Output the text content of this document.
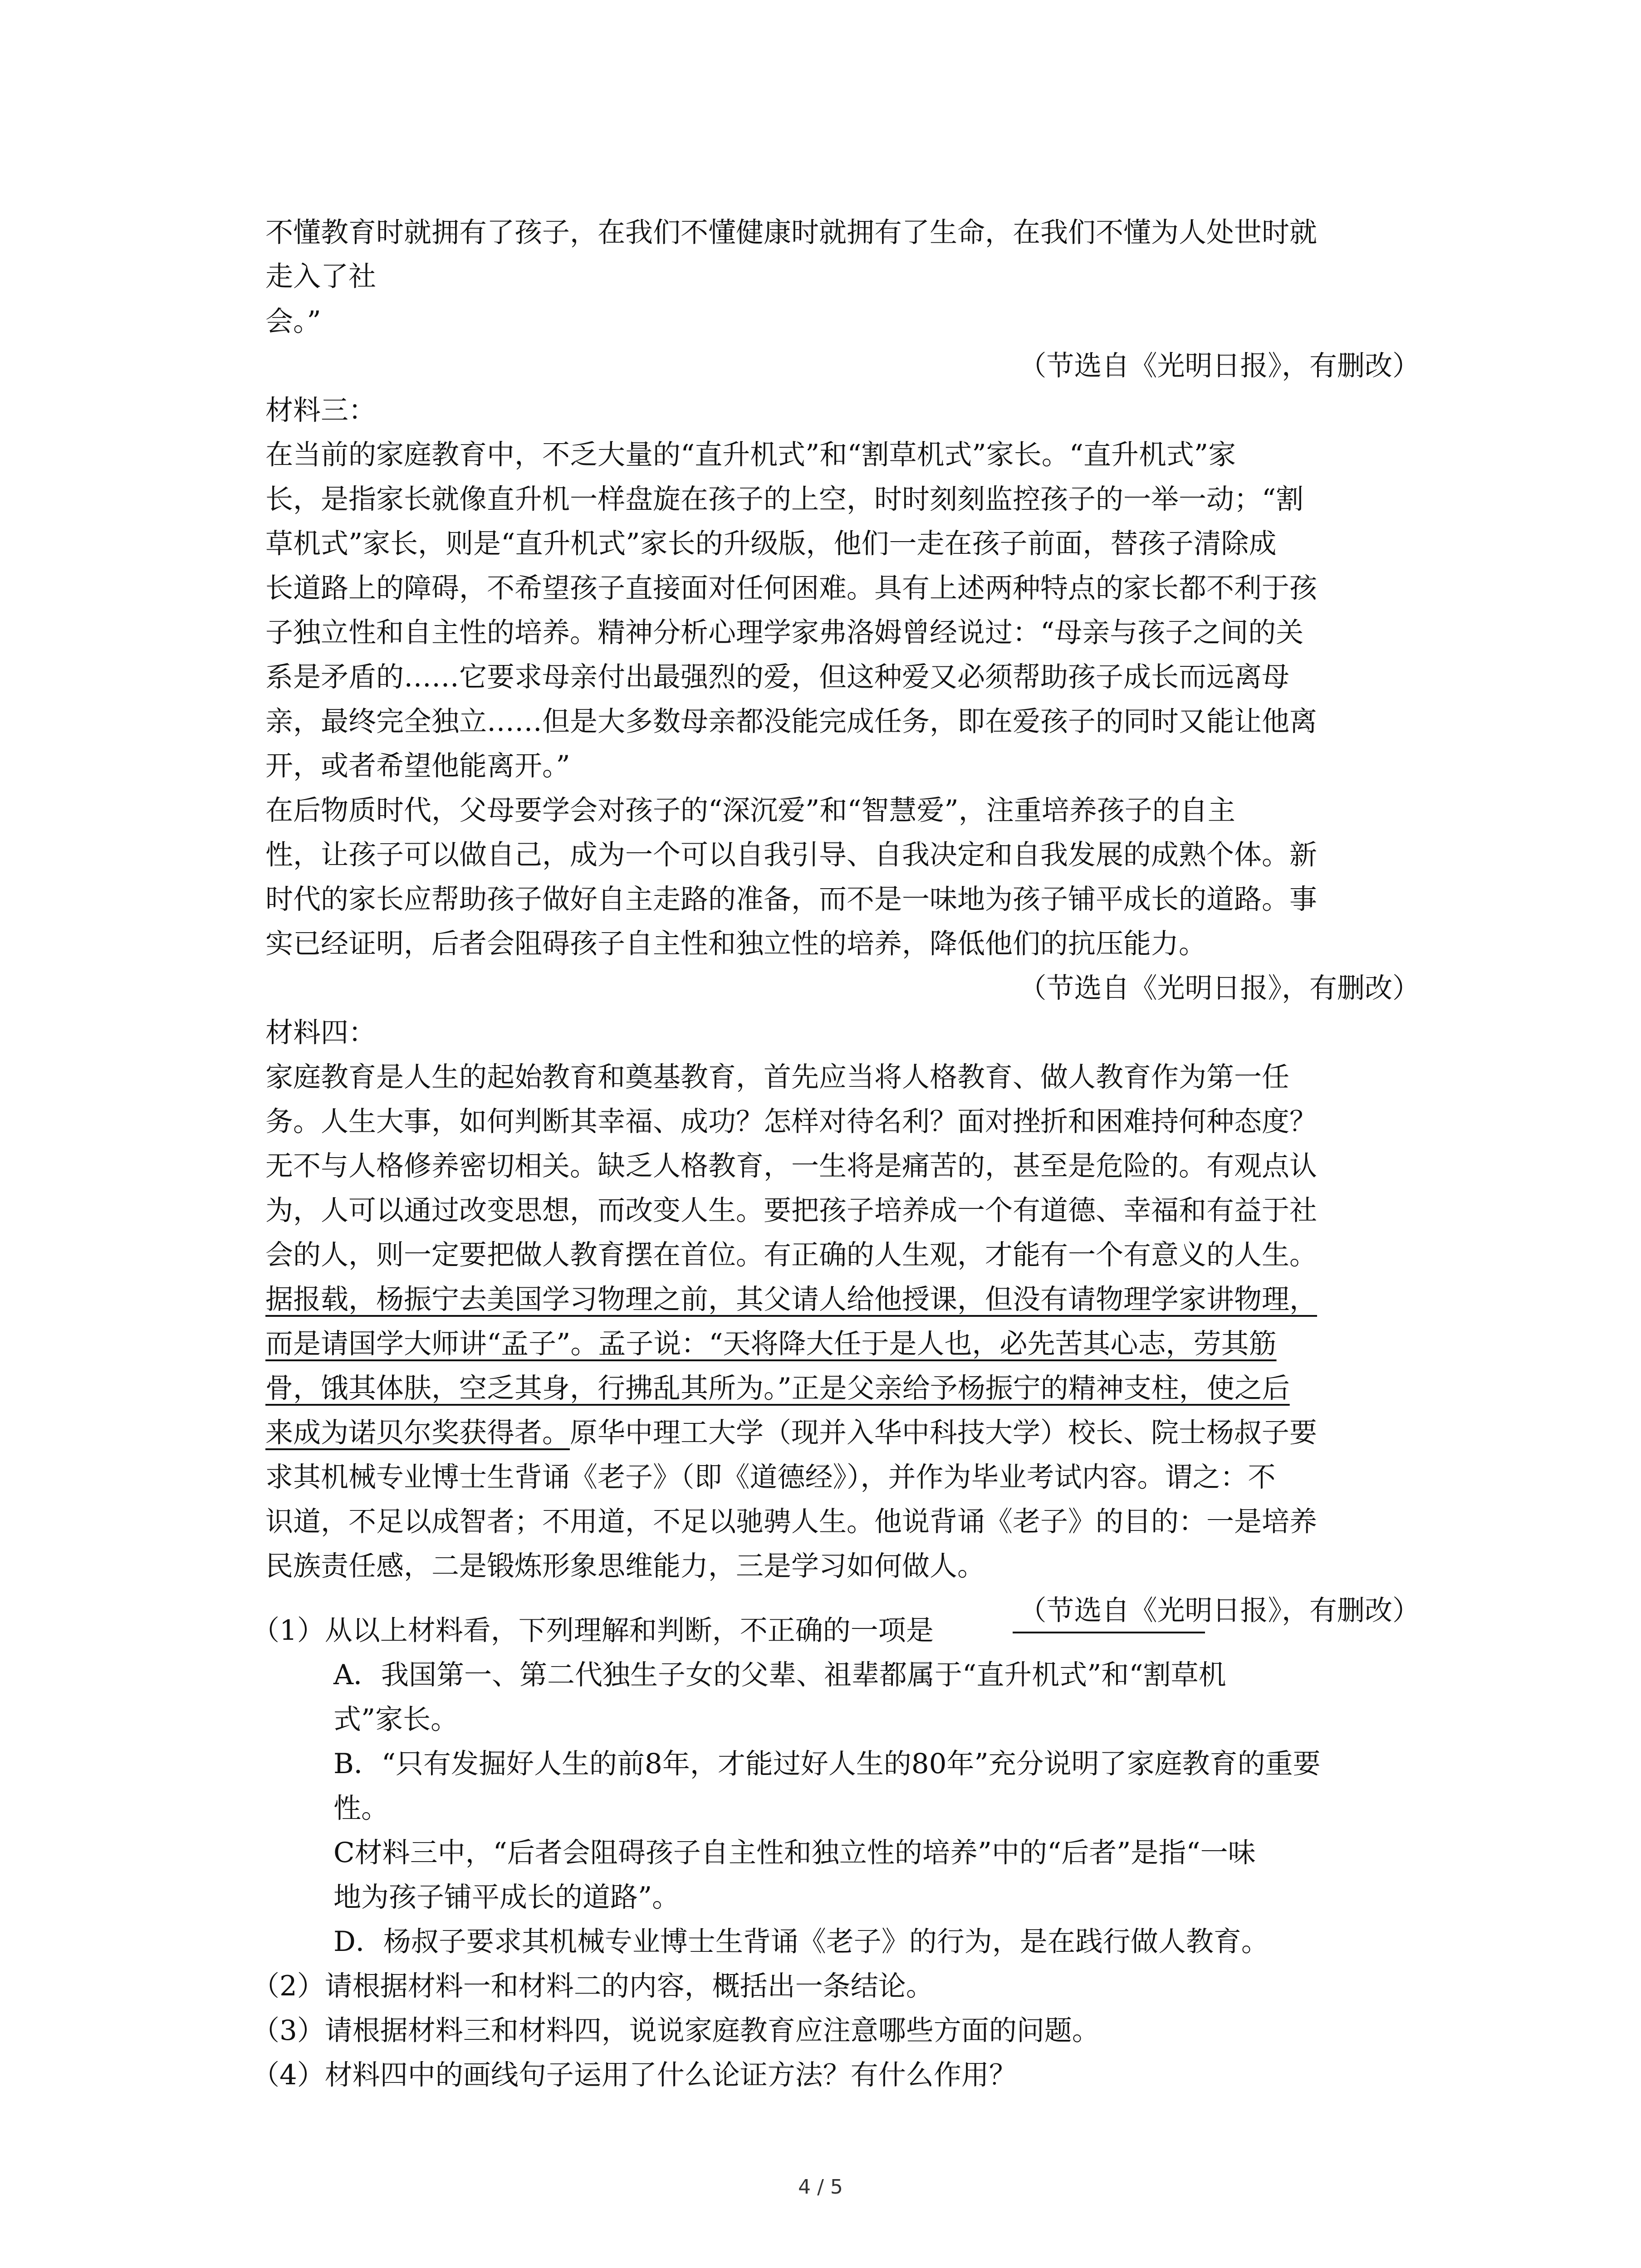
不懂教育时就拥有了孩子，在我们不懂健康时就拥有了生命，在我们不懂为人处世时就

走入了社

会。”

（节选自《光明日报》，有删改）

材料三：

在当前的家庭教育中，不乏大量的“直升机式”和“割草机式”家长。“直升机式”家

长，是指家长就像直升机一样盘旋在孩子的上空，时时刻刻监控孩子的一举一动；“割

草机式”家长，则是“直升机式”家长的升级版，他们一走在孩子前面，替孩子清除成

长道路上的障碍，不希望孩子直接面对任何困难。具有上述两种特点的家长都不利于孩

子独立性和自主性的培养。精神分析心理学家弗洛姆曾经说过：“母亲与孩子之间的关

系是矛盾的……它要求母亲付出最强烈的爱，但这种爱又必须帮助孩子成长而远离母

亲，最终完全独立……但是大多数母亲都没能完成任务，即在爱孩子的同时又能让他离

开，或者希望他能离开。”

在后物质时代，父母要学会对孩子的“深沉爱”和“智慧爱”，注重培养孩子的自主

性，让孩子可以做自己，成为一个可以自我引导、自我决定和自我发展的成熟个体。新

时代的家长应帮助孩子做好自主走路的准备，而不是一味地为孩子铺平成长的道路。事

实已经证明，后者会阻碍孩子自主性和独立性的培养，降低他们的抗压能力。

（节选自《光明日报》，有删改）

材料四：

家庭教育是人生的起始教育和奠基教育，首先应当将人格教育、做人教育作为第一任

务。人生大事，如何判断其幸福、成功？怎样对待名利？面对挫折和困难持何种态度？

无不与人格修养密切相关。缺乏人格教育，一生将是痛苦的，甚至是危险的。有观点认

为，人可以通过改变思想，而改变人生。要把孩子培养成一个有道德、幸福和有益于社

会的人，则一定要把做人教育摆在首位。有正确的人生观，才能有一个有意义的人生。

据报载，杨振宁去美国学习物理之前，其父请人给他授课，但没有请物理学家讲物理，

而是请国学大师讲“孟子”。孟子说：“天将降大任于是人也，必先苦其心志，劳其筋

骨，饿其体肤，空乏其身，行拂乱其所为。”正是父亲给予杨振宁的精神支柱，使之后

来成为诺贝尔奖获得者。原华中理工大学（现并入华中科技大学）校长、院士杨叔子要

求其机械专业博士生背诵《老子》（即《道德经》），并作为毕业考试内容。谓之：不

识道，不足以成智者；不用道，不足以驰骋人生。他说背诵《老子》的目的：一是培养

民族责任感，二是锻炼形象思维能力，三是学习如何做人。

（节选自《光明日报》，有删改）

（1）从以上材料看，下列理解和判断，不正确的一项是

A．我国第一、第二代独生子女的父辈、祖辈都属于“直升机式”和“割草机

式”家长。

B．“只有发掘好人生的前8年，才能过好人生的80年”充分说明了家庭教育的重要

性。

C材料三中，“后者会阻碍孩子自主性和独立性的培养”中的“后者”是指“一味

地为孩子铺平成长的道路”。

D．杨叔子要求其机械专业博士生背诵《老子》的行为，是在践行做人教育。

（2）请根据材料一和材料二的内容，概括出一条结论。

（3）请根据材料三和材料四，说说家庭教育应注意哪些方面的问题。

（4）材料四中的画线句子运用了什么论证方法？有什么作用？

4 / 5
